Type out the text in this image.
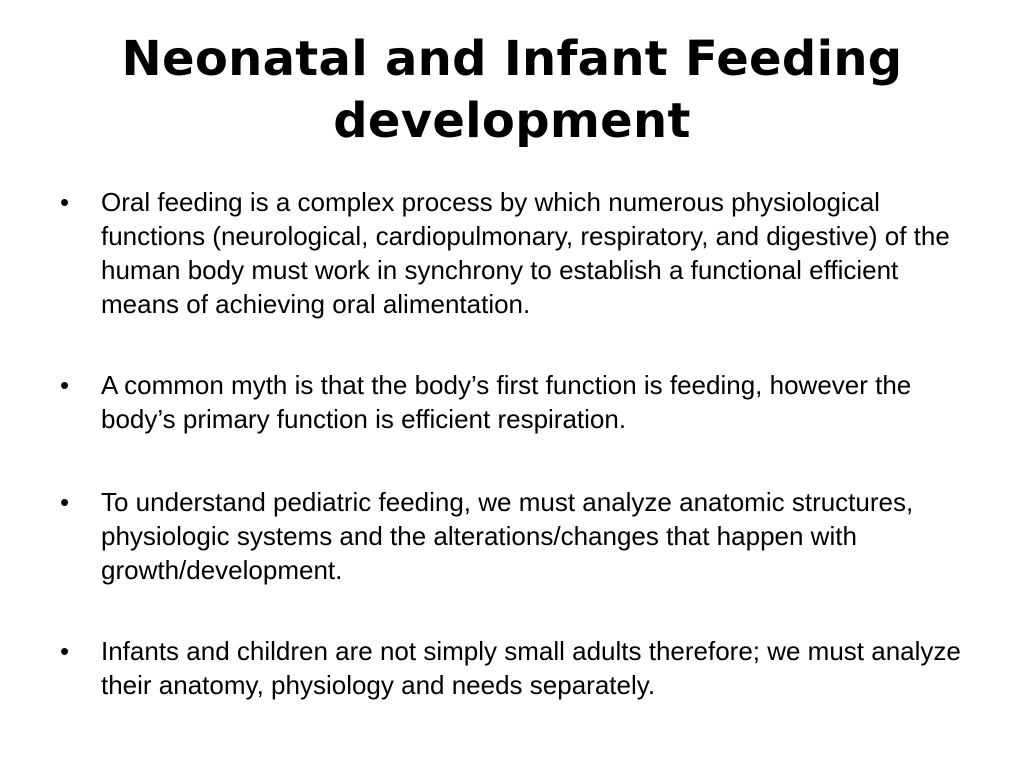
Neonatal and Infant Feeding development
• Oral feeding is a complex process by which numerous physiological functions (neurological, cardiopulmonary, respiratory, and digestive) of the human body must work in synchrony to establish a functional efficient means of achieving oral alimentation.
• A common myth is that the body’s first function is feeding, however the body’s primary function is efficient respiration.
• To understand pediatric feeding, we must analyze anatomic structures, physiologic systems and the alterations/changes that happen with growth/development.
• Infants and children are not simply small adults therefore; we must analyze their anatomy, physiology and needs separately.
